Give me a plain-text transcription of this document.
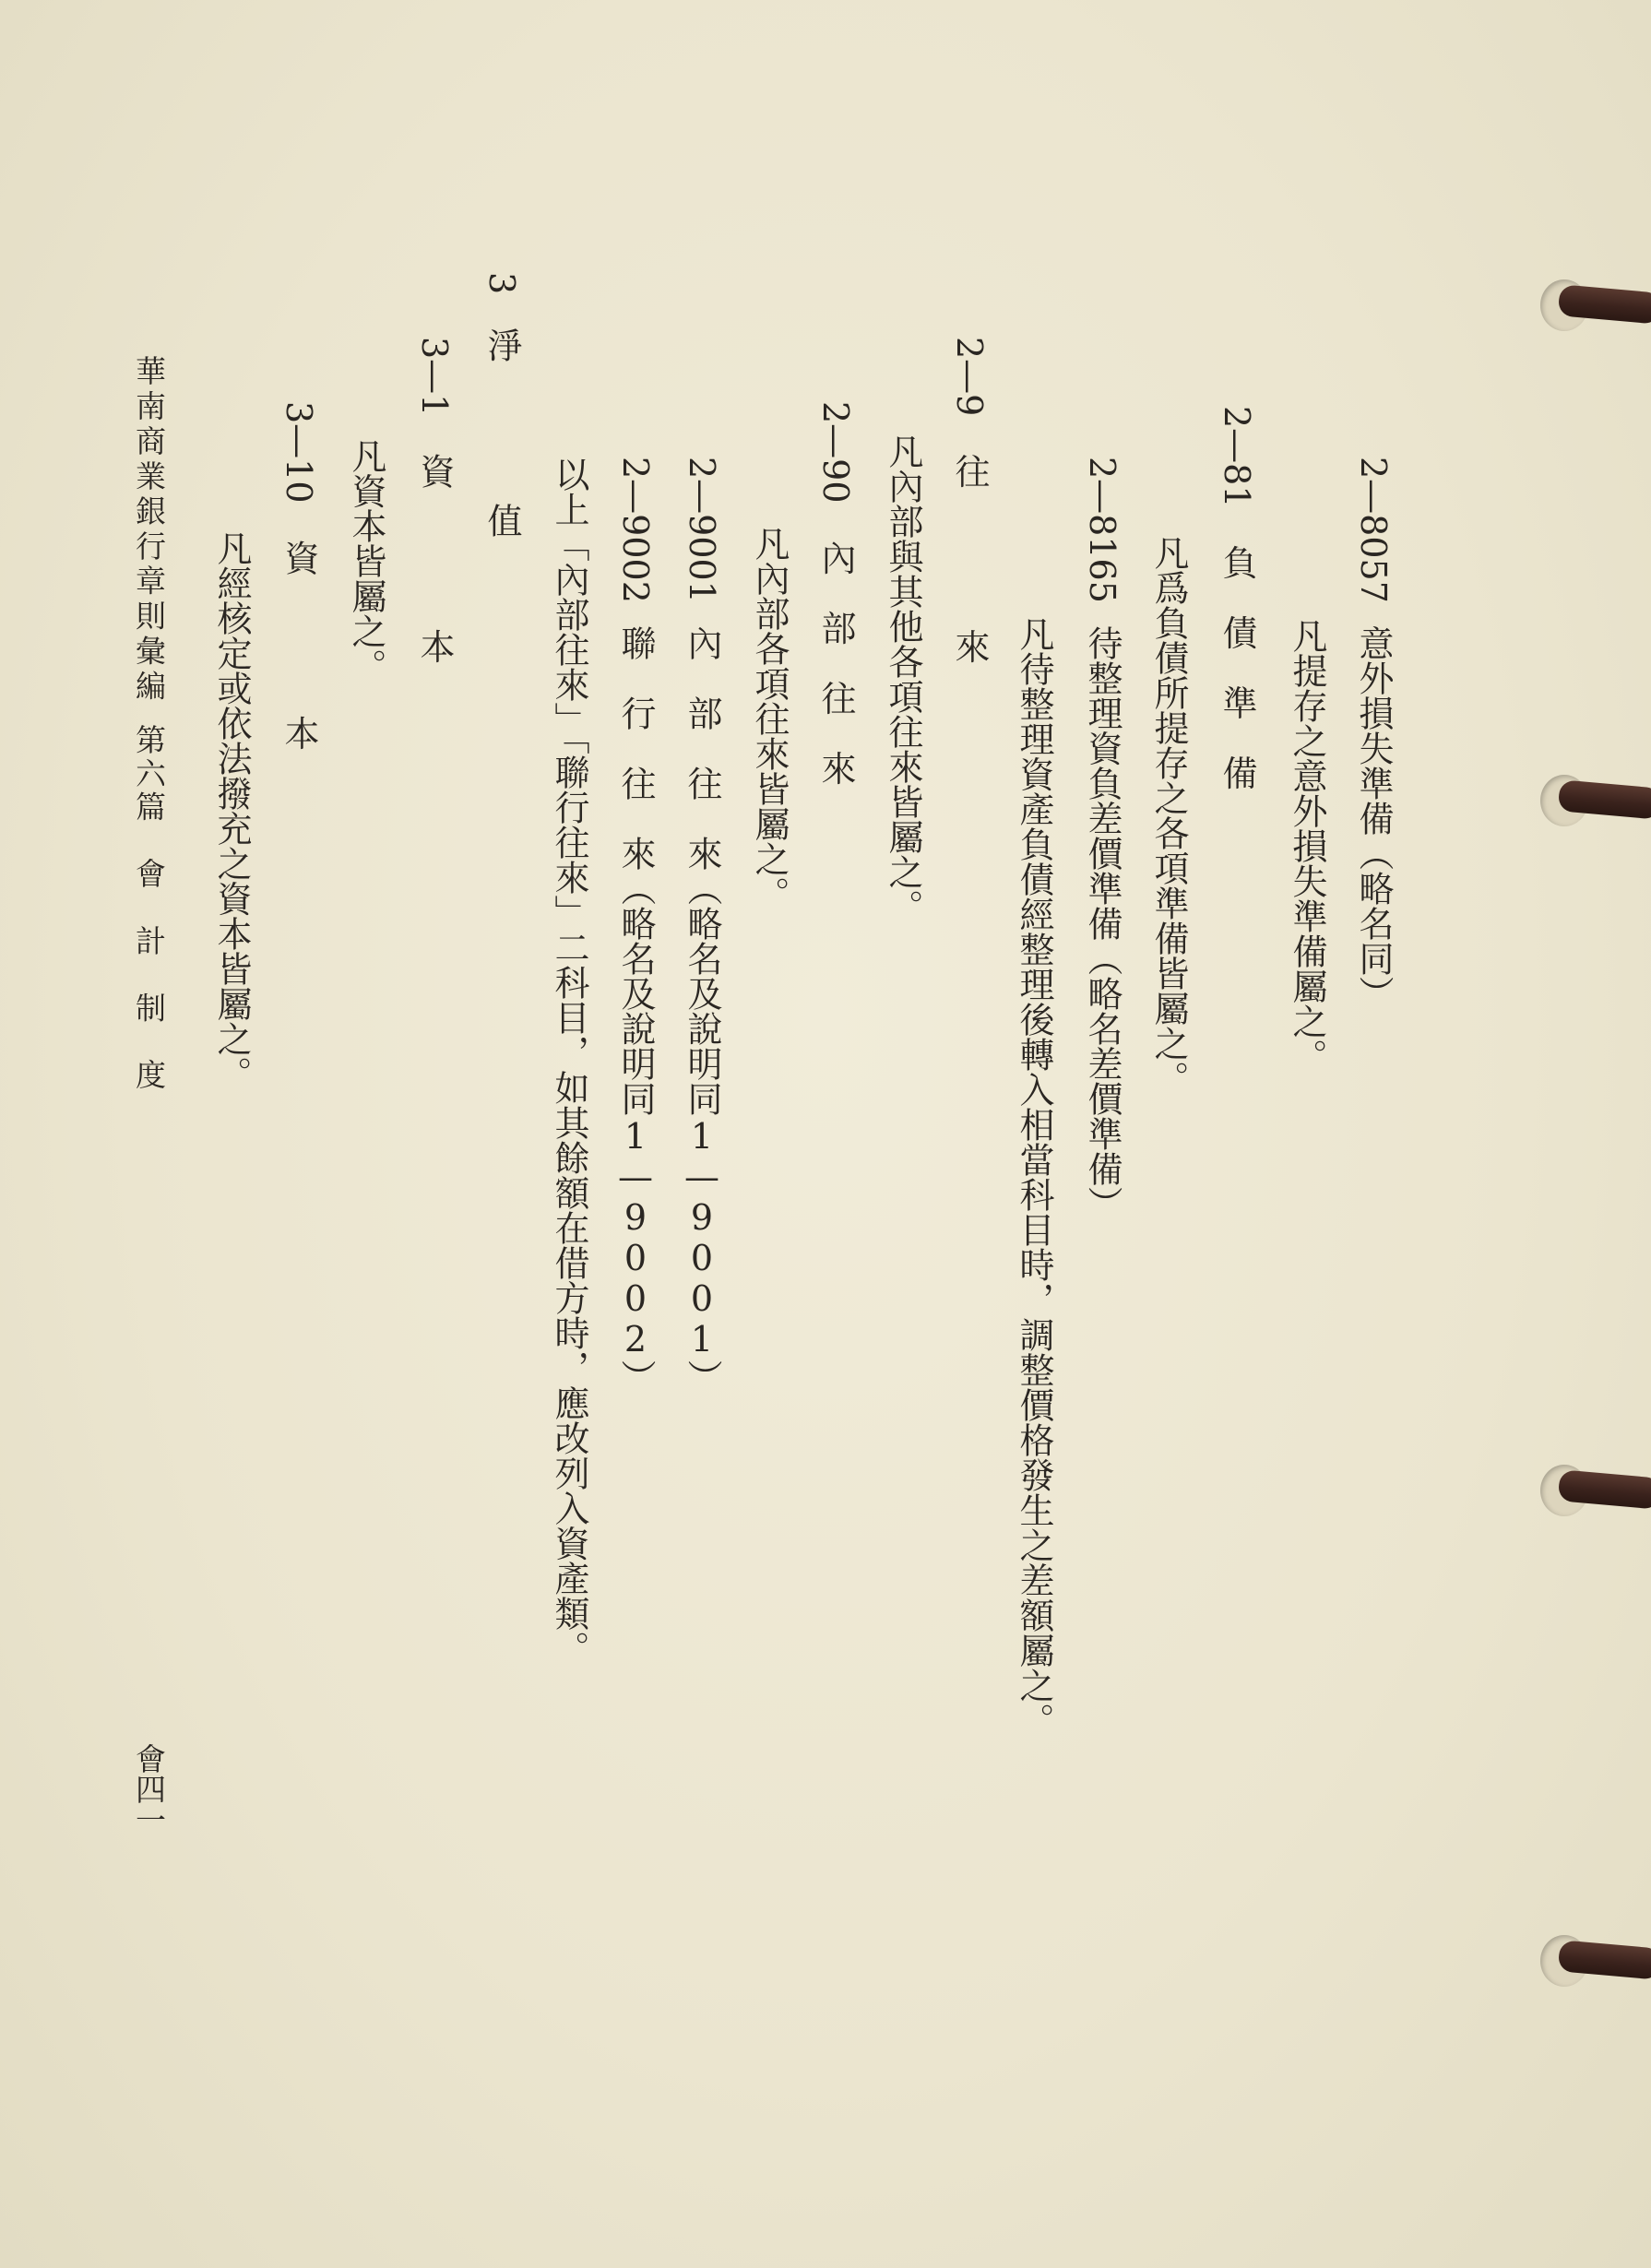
2—8057意外損失準備（略名同）
凡提存之意外損失準備屬之。
2—81負　債　準　備
凡爲負債所提存之各項準備皆屬之。
2—8165待整理資負差價準備（略名差價準備）
凡待整理資產負債經整理後轉入相當科目時，調整價格發生之差額屬之。
2—9往　　　　來
凡內部與其他各項往來皆屬之。
2—90內　部　往　來
凡內部各項往來皆屬之。
2—9001內　部　往　來（略名及說明同1—9001）
2—9002聯　行　往　來（略名及說明同1—9002）
以上「內部往來」「聯行往來」二科目，如其餘額在借方時，應改列入資產類。
3淨　　　　值
3—1資　　　　本
凡資本皆屬之。
3—10資　　　　本
凡經核定或依法撥充之資本皆屬之。
華南商業銀行章則彙編
第六篇　會　計　制　度
會四一
